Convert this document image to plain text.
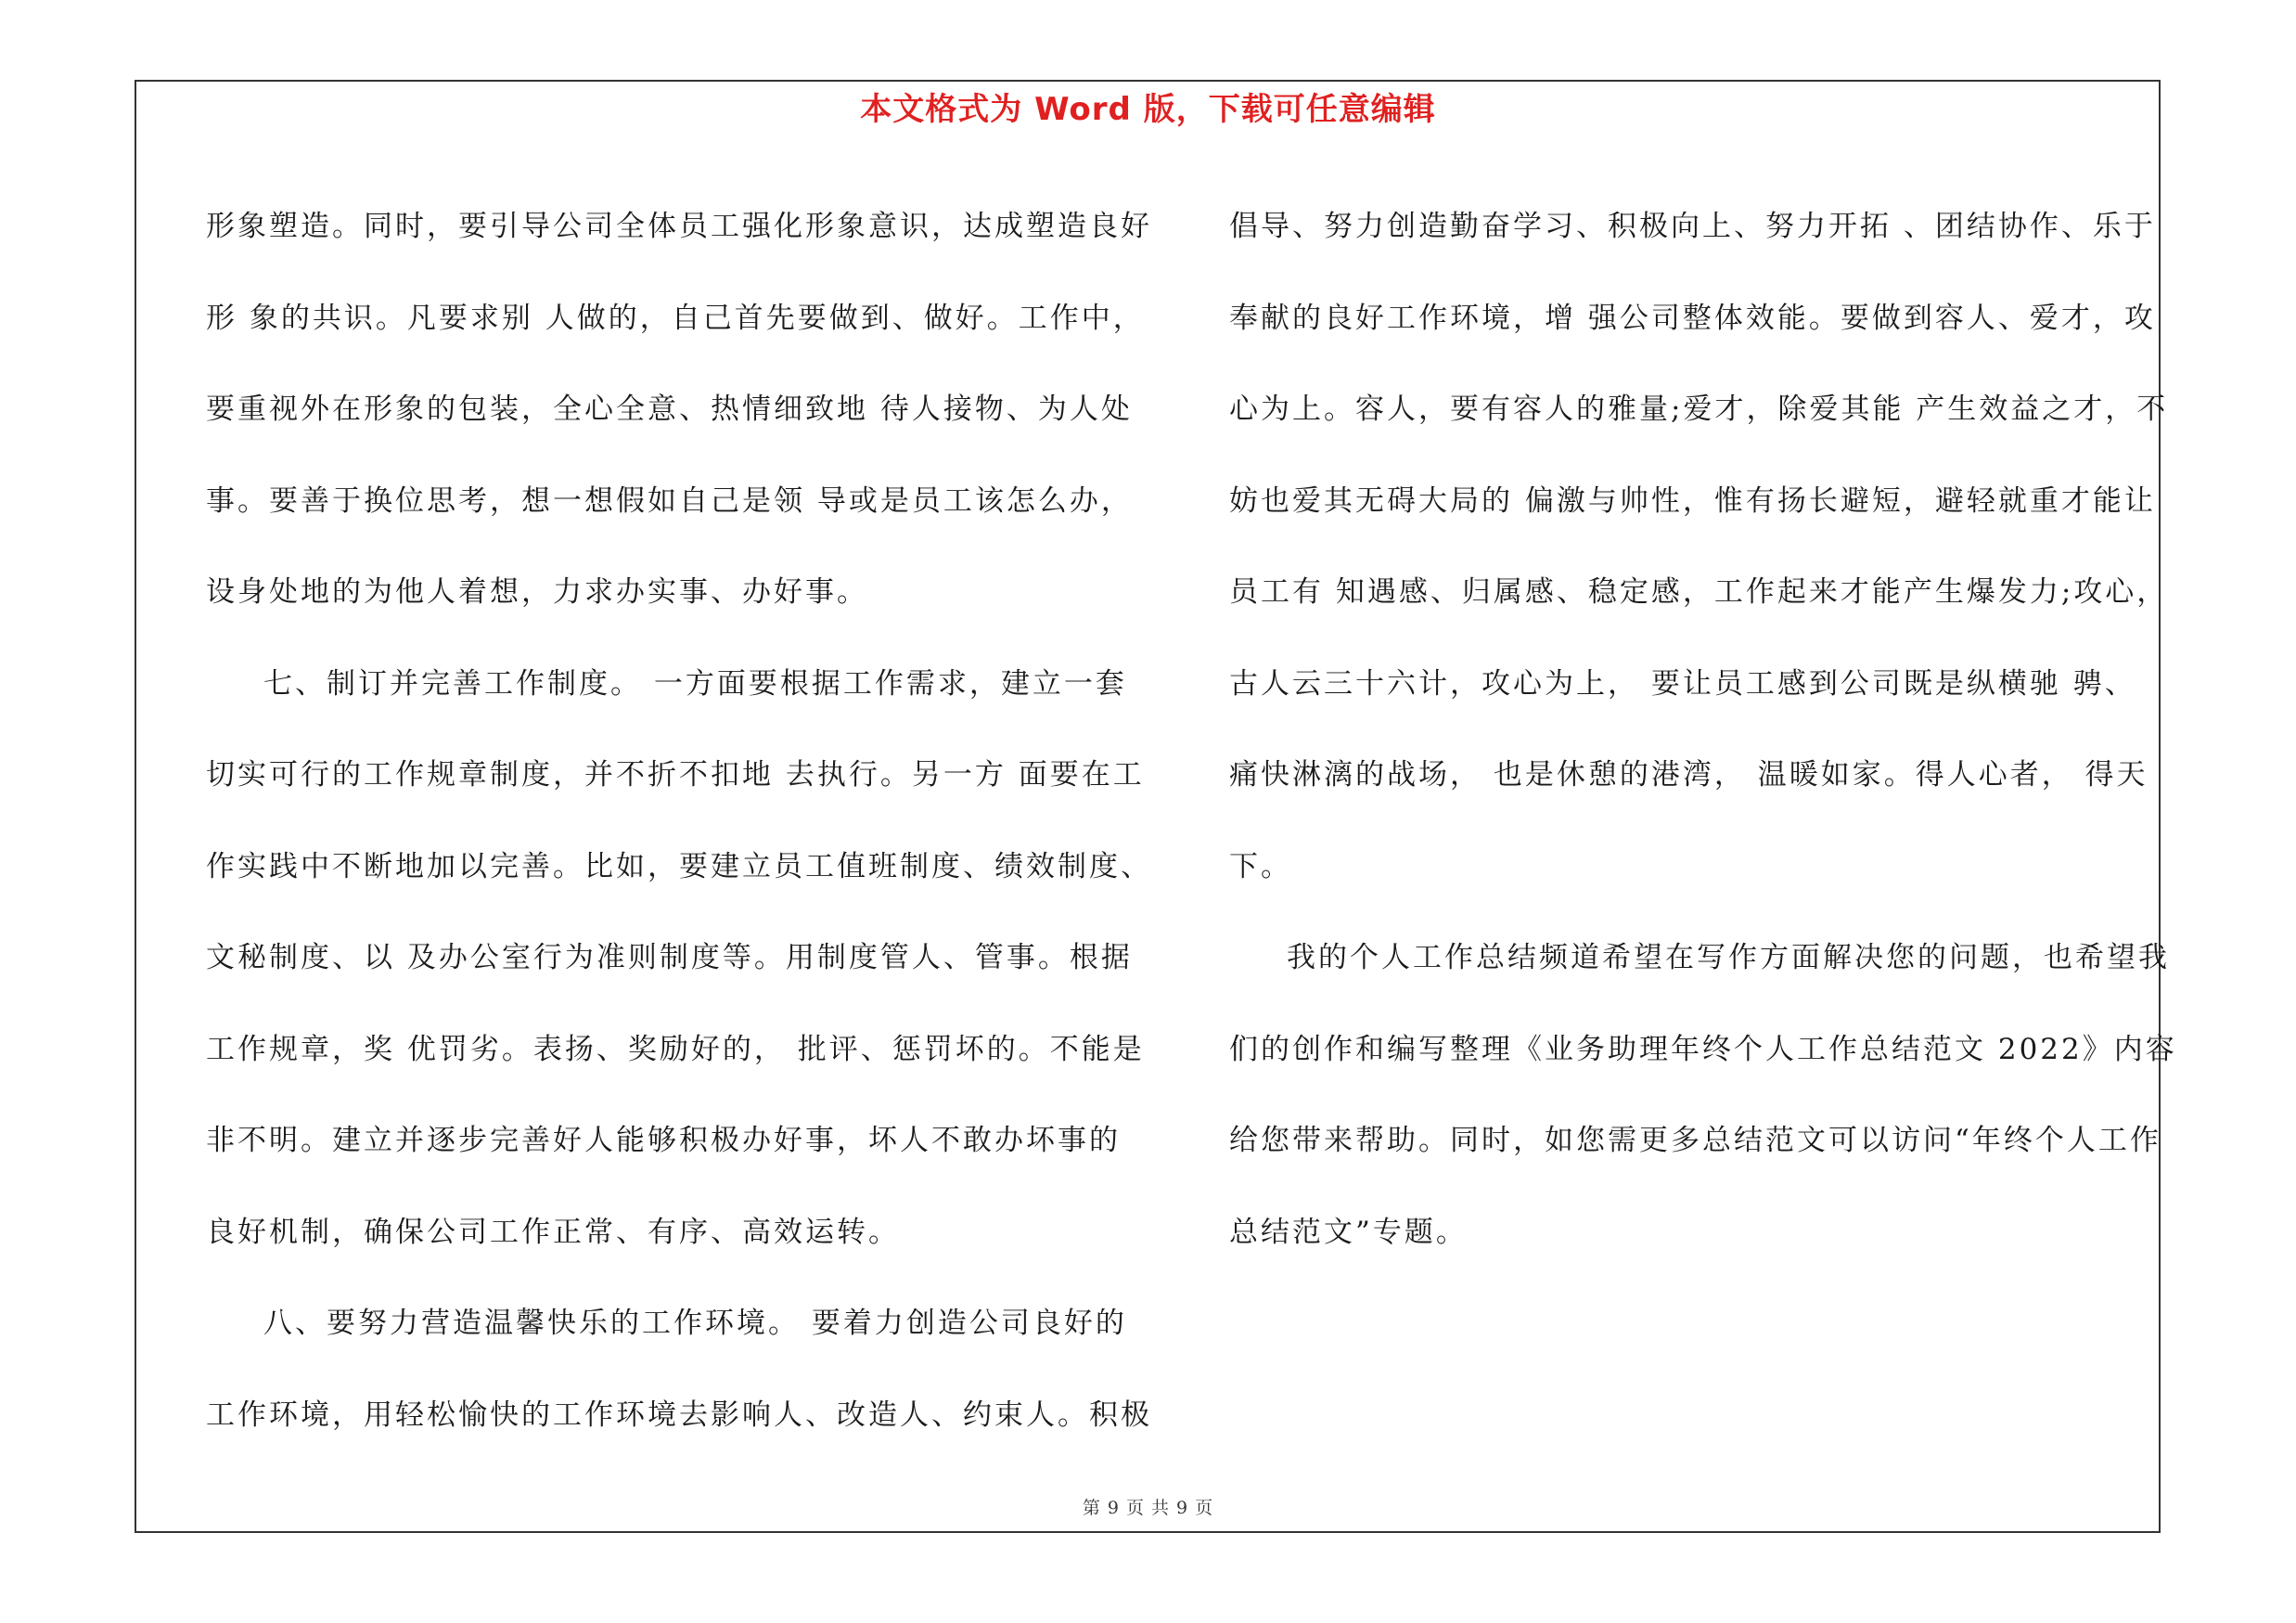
本文格式为 Word 版，下载可任意编辑
形象塑造。同时，要引导公司全体员工强化形象意识，达成塑造良好
形 象的共识。凡要求别 人做的，自己首先要做到、做好。工作中，
要重视外在形象的包装，全心全意、热情细致地 待人接物、为人处
事。要善于换位思考，想一想假如自己是领 导或是员工该怎么办，
设身处地的为他人着想，力求办实事、办好事。
七、制订并完善工作制度。 一方面要根据工作需求，建立一套
切实可行的工作规章制度，并不折不扣地 去执行。另一方 面要在工
作实践中不断地加以完善。比如，要建立员工值班制度、绩效制度、
文秘制度、以 及办公室行为准则制度等。用制度管人、管事。根据
工作规章，奖 优罚劣。表扬、奖励好的， 批评、惩罚坏的。不能是
非不明。建立并逐步完善好人能够积极办好事，坏人不敢办坏事的
良好机制，确保公司工作正常、有序、高效运转。
八、要努力营造温馨快乐的工作环境。 要着力创造公司良好的
工作环境，用轻松愉快的工作环境去影响人、改造人、约束人。积极
倡导、努力创造勤奋学习、积极向上、努力开拓 、团结协作、乐于
奉献的良好工作环境，增 强公司整体效能。要做到容人、爱才，攻
心为上。容人，要有容人的雅量;爱才，除爱其能 产生效益之才，不
妨也爱其无碍大局的 偏激与帅性，惟有扬长避短，避轻就重才能让
员工有 知遇感、归属感、稳定感，工作起来才能产生爆发力;攻心，
古人云三十六计，攻心为上， 要让员工感到公司既是纵横驰 骋、
痛快淋漓的战场， 也是休憩的港湾， 温暖如家。得人心者， 得天
下。
我的个人工作总结频道希望在写作方面解决您的问题，也希望我
们的创作和编写整理《业务助理年终个人工作总结范文 2022》内容
给您带来帮助。同时，如您需更多总结范文可以访问“年终个人工作
总结范文”专题。
第 9 页 共 9 页
